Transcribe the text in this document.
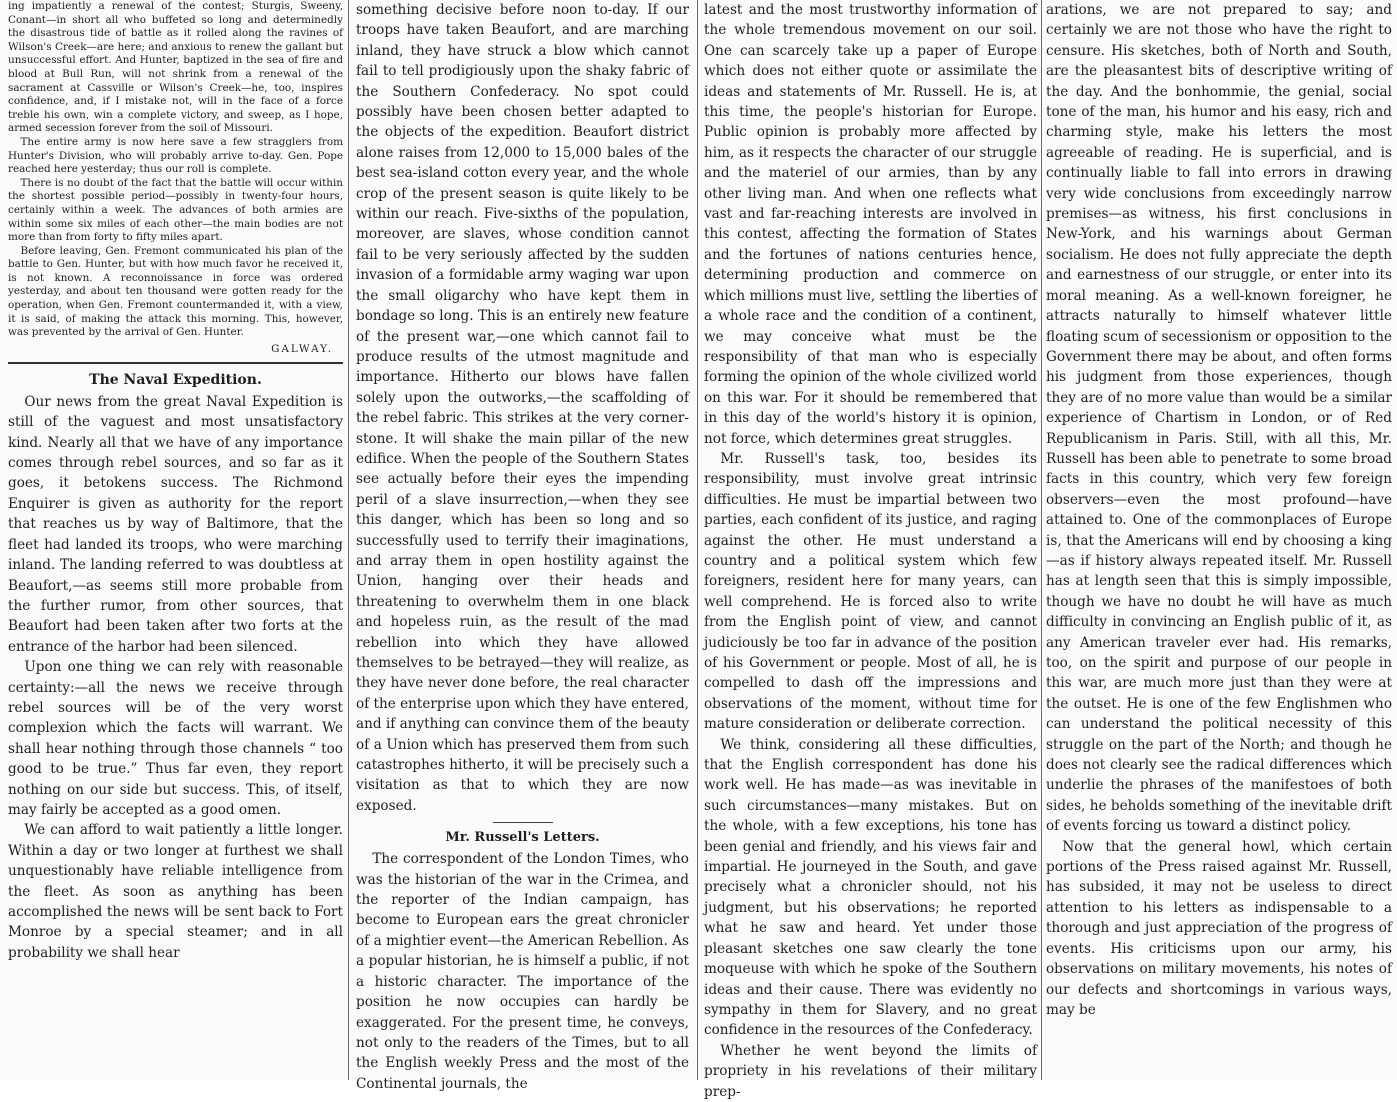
ing impatiently a renewal of the contest; Sturgis, Sweeny, Conant—in short all who buffeted so long and determinedly the disastrous tide of battle as it rolled along the ravines of Wilson's Creek—are here; and anxious to renew the gallant but unsuccessful effort. And Hunter, baptized in the sea of fire and blood at Bull Run, will not shrink from a renewal of the sacrament at Cassville or Wilson's Creek—he, too, inspires confidence, and, if I mistake not, will in the face of a force treble his own, win a complete victory, and sweep, as I hope, armed secession forever from the soil of Missouri.

The entire army is now here save a few stragglers from Hunter's Division, who will probably arrive to-day. Gen. Pope reached here yesterday; thus our roll is complete.

There is no doubt of the fact that the battle will occur within the shortest possible period—possibly in twenty-four hours, certainly within a week. The advances of both armies are within some six miles of each other—the main bodies are not more than from forty to fifty miles apart.

Before leaving, Gen. Fremont communicated his plan of the battle to Gen. Hunter, but with how much favor he received it, is not known. A reconnoissance in force was ordered yesterday, and about ten thousand were gotten ready for the operation, when Gen. Fremont countermanded it, with a view, it is said, of making the attack this morning. This, however, was prevented by the arrival of Gen. Hunter.

GALWAY.
The Naval Expedition.

Our news from the great Naval Expedition is still of the vaguest and most unsatisfactory kind. Nearly all that we have of any importance comes through rebel sources, and so far as it goes, it betokens success. The Richmond Enquirer is given as authority for the report that reaches us by way of Baltimore, that the fleet had landed its troops, who were marching inland. The landing referred to was doubtless at Beaufort,—as seems still more probable from the further rumor, from other sources, that Beaufort had been taken after two forts at the entrance of the harbor had been silenced.

Upon one thing we can rely with reasonable certainty:—all the news we receive through rebel sources will be of the very worst complexion which the facts will warrant. We shall hear nothing through those channels “ too good to be true.” Thus far even, they report nothing on our side but success. This, of itself, may fairly be accepted as a good omen.

We can afford to wait patiently a little longer. Within a day or two longer at furthest we shall unquestionably have reliable intelligence from the fleet. As soon as anything has been accomplished the news will be sent back to Fort Monroe by a special steamer; and in all probability we shall hear

something decisive before noon to-day. If our troops have taken Beaufort, and are marching inland, they have struck a blow which cannot fail to tell prodigiously upon the shaky fabric of the Southern Confederacy. No spot could possibly have been chosen better adapted to the objects of the expedition. Beaufort district alone raises from 12,000 to 15,000 bales of the best sea-island cotton every year, and the whole crop of the present season is quite likely to be within our reach. Five-sixths of the population, moreover, are slaves, whose condition cannot fail to be very seriously affected by the sudden invasion of a formidable army waging war upon the small oligarchy who have kept them in bondage so long. This is an entirely new feature of the present war,—one which cannot fail to produce results of the utmost magnitude and importance. Hitherto our blows have fallen solely upon the outworks,—the scaffolding of the rebel fabric. This strikes at the very corner-stone. It will shake the main pillar of the new edifice. When the people of the Southern States see actually before their eyes the impending peril of a slave insurrection,—when they see this danger, which has been so long and so successfully used to terrify their imaginations, and array them in open hostility against the Union, hanging over their heads and threatening to overwhelm them in one black and hopeless ruin, as the result of the mad rebellion into which they have allowed themselves to be betrayed—they will realize, as they have never done before, the real character of the enterprise upon which they have entered, and if anything can convince them of the beauty of a Union which has preserved them from such catastrophes hitherto, it will be precisely such a visitation as that to which they are now exposed.

Mr. Russell's Letters.

The correspondent of the London Times, who was the historian of the war in the Crimea, and the reporter of the Indian campaign, has become to European ears the great chronicler of a mightier event—the American Rebellion. As a popular historian, he is himself a public, if not a historic character. The importance of the position he now occupies can hardly be exaggerated. For the present time, he conveys, not only to the readers of the Times, but to all the English weekly Press and the most of the Continental journals, the

latest and the most trustworthy information of the whole tremendous movement on our soil. One can scarcely take up a paper of Europe which does not either quote or assimilate the ideas and statements of Mr. Russell. He is, at this time, the people's historian for Europe. Public opinion is probably more affected by him, as it respects the character of our struggle and the materiel of our armies, than by any other living man. And when one reflects what vast and far-reaching interests are involved in this contest, affecting the formation of States and the fortunes of nations centuries hence, determining production and commerce on which millions must live, settling the liberties of a whole race and the condition of a continent, we may conceive what must be the responsibility of that man who is especially forming the opinion of the whole civilized world on this war. For it should be remembered that in this day of the world's history it is opinion, not force, which determines great struggles.

Mr. Russell's task, too, besides its responsibility, must involve great intrinsic difficulties. He must be impartial between two parties, each confident of its justice, and raging against the other. He must understand a country and a political system which few foreigners, resident here for many years, can well comprehend. He is forced also to write from the English point of view, and cannot judiciously be too far in advance of the position of his Government or people. Most of all, he is compelled to dash off the impressions and observations of the moment, without time for mature consideration or deliberate correction.

We think, considering all these difficulties, that the English correspondent has done his work well. He has made—as was inevitable in such circumstances—many mistakes. But on the whole, with a few exceptions, his tone has been genial and friendly, and his views fair and impartial. He journeyed in the South, and gave precisely what a chronicler should, not his judgment, but his observations; he reported what he saw and heard. Yet under those pleasant sketches one saw clearly the tone moqueuse with which he spoke of the Southern ideas and their cause. There was evidently no sympathy in them for Slavery, and no great confidence in the resources of the Confederacy.

Whether he went beyond the limits of propriety in his revelations of their military prep-

arations, we are not prepared to say; and certainly we are not those who have the right to censure. His sketches, both of North and South, are the pleasantest bits of descriptive writing of the day. And the bonhommie, the genial, social tone of the man, his humor and his easy, rich and charming style, make his letters the most agreeable of reading. He is superficial, and is continually liable to fall into errors in drawing very wide conclusions from exceedingly narrow premises—as witness, his first conclusions in New-York, and his warnings about German socialism. He does not fully appreciate the depth and earnestness of our struggle, or enter into its moral meaning. As a well-known foreigner, he attracts naturally to himself whatever little floating scum of secessionism or opposition to the Government there may be about, and often forms his judgment from those experiences, though they are of no more value than would be a similar experience of Chartism in London, or of Red Republicanism in Paris. Still, with all this, Mr. Russell has been able to penetrate to some broad facts in this country, which very few foreign observers—even the most profound—have attained to. One of the commonplaces of Europe is, that the Americans will end by choosing a king—as if history always repeated itself. Mr. Russell has at length seen that this is simply impossible, though we have no doubt he will have as much difficulty in convincing an English public of it, as any American traveler ever had. His remarks, too, on the spirit and purpose of our people in this war, are much more just than they were at the outset. He is one of the few Englishmen who can understand the political necessity of this struggle on the part of the North; and though he does not clearly see the radical differences which underlie the phrases of the manifestoes of both sides, he beholds something of the inevitable drift of events forcing us toward a distinct policy.

Now that the general howl, which certain portions of the Press raised against Mr. Russell, has subsided, it may not be useless to direct attention to his letters as indispensable to a thorough and just appreciation of the progress of events. His criticisms upon our army, his observations on military movements, his notes of our defects and shortcomings in various ways, may be
